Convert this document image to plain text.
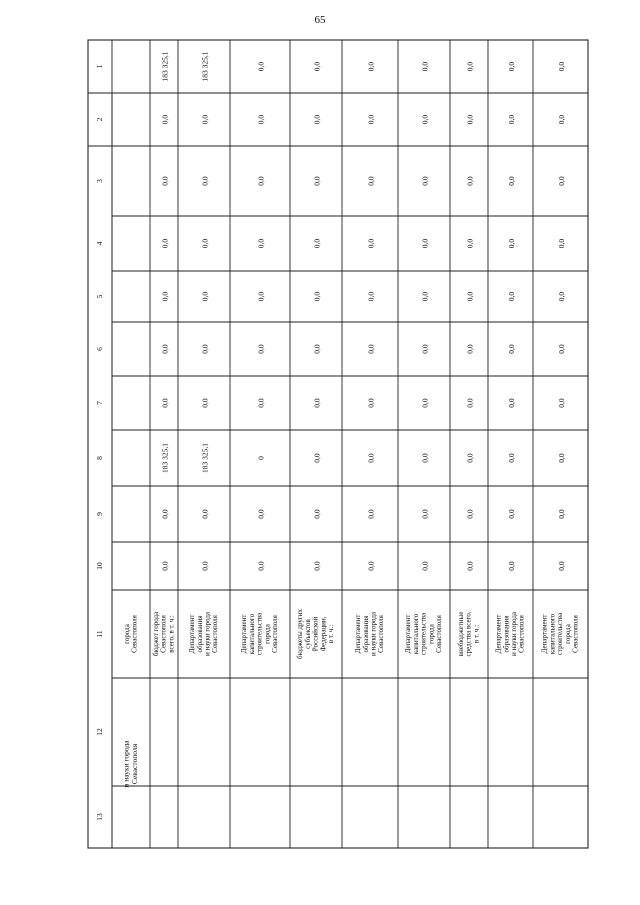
65
1
2
3
4
5
6
7
8
9
10
11
12
13
и науки города Севастополя
города Севастополя бюджет города Севастополя всего, в т. ч.:
0,0
0,0
183 325,1
0,0
0,0
0,0
0,0
0,0
0,0
183 325,1
Департамент образования и науки города Севастополя
0,0
0,0
183 325,1
0,0
0,0
0,0
0,0
0,0
0,0
183 325,1
Департамент капитального строительства города Севастополя
0,0
0,0
0
0,0
0,0
0,0
0,0
0,0
0,0
0,0
бюджеты других субъектов Российской Федерации, в т. ч.:
0,0
0,0
0,0
0,0
0,0
0,0
0,0
0,0
0,0
0,0
Департамент образования и науки города Севастополя
0,0
0,0
0,0
0,0
0,0
0,0
0,0
0,0
0,0
0,0
Департамент капитального строительства города Севастополя
0,0
0,0
0,0
0,0
0,0
0,0
0,0
0,0
0,0
0,0
внебюджетные средства всего, в т. ч.:
0,0
0,0
0,0
0,0
0,0
0,0
0,0
0,0
0,0
0,0
Департамент образования и науки города Севастополя
0,0
0,0
0,0
0,0
0,0
0,0
0,0
0,0
0,0
0,0
Департамент капитального строительства города Севастополя
0,0
0,0
0,0
0,0
0,0
0,0
0,0
0,0
0,0
0,0
